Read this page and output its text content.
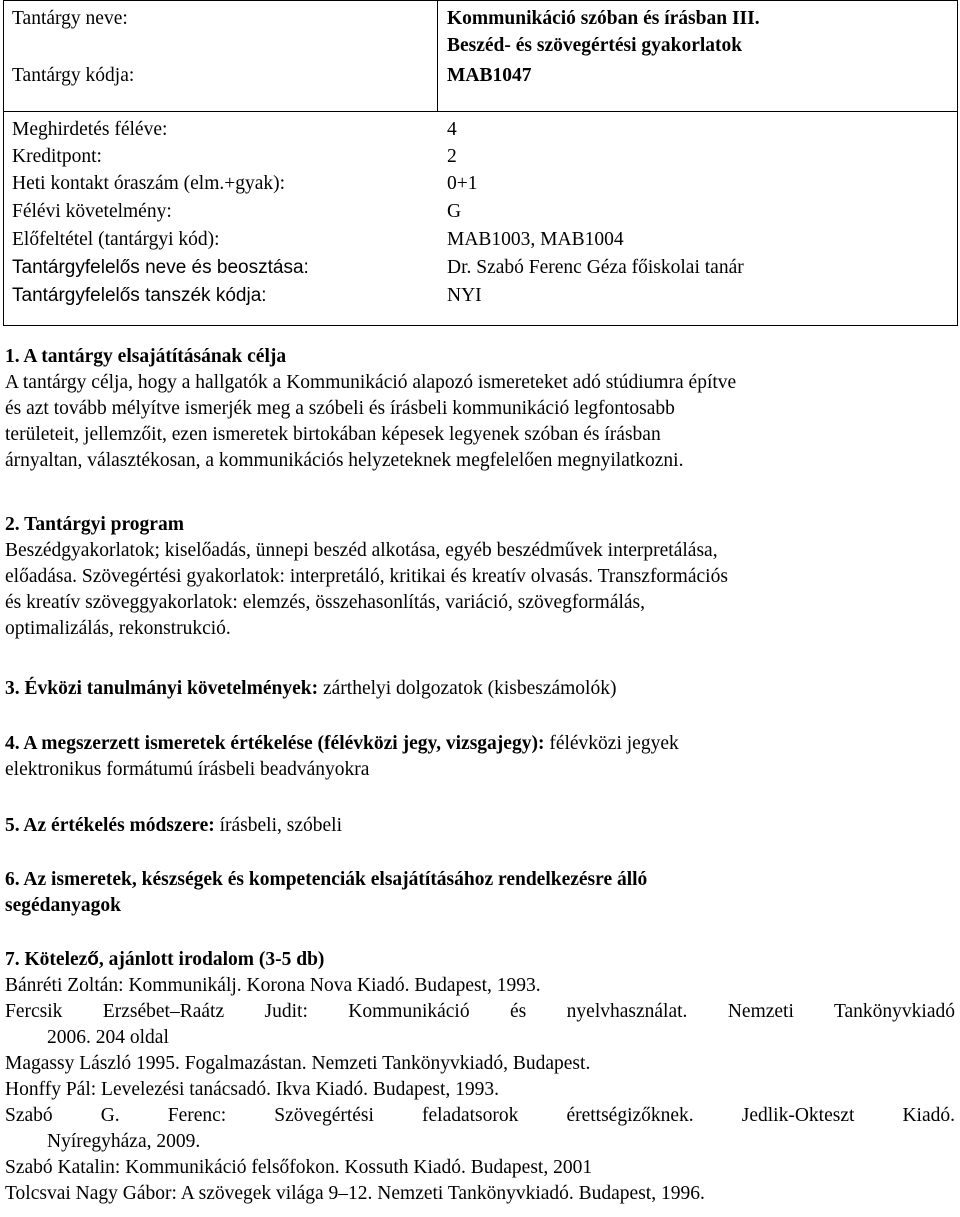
Tantárgy neve:	Kommunikáció szóban és írásban III.
Beszéd- és szövegértési gyakorlatok
Tantárgy kódja:	MAB1047
Meghirdetés féléve:	4
Kreditpont:	2
Heti kontakt óraszám (elm.+gyak):	0+1
Félévi követelmény:	G
Előfeltétel (tantárgyi kód):	MAB1003, MAB1004
Tantárgyfelelős neve és beosztása:	Dr. Szabó Ferenc Géza főiskolai tanár
Tantárgyfelelős tanszék kódja:	NYI

1. A tantárgy elsajátításának célja

A tantárgy célja, hogy a hallgatók a Kommunikáció alapozó ismereteket adó stúdiumra építve

és azt tovább mélyítve ismerjék meg a szóbeli és írásbeli kommunikáció legfontosabb

területeit, jellemzőit, ezen ismeretek birtokában képesek legyenek szóban és írásban

árnyaltan, választékosan, a kommunikációs helyzeteknek megfelelően megnyilatkozni.

2. Tantárgyi program

Beszédgyakorlatok; kiselőadás, ünnepi beszéd alkotása, egyéb beszédművek interpretálása,

előadása. Szövegértési gyakorlatok: interpretáló, kritikai és kreatív olvasás. Transzformációs

és kreatív szöveggyakorlatok: elemzés, összehasonlítás, variáció, szövegformálás,

optimalizálás, rekonstrukció.

3. Évközi tanulmányi követelmények: zárthelyi dolgozatok (kisbeszámolók)

4. A megszerzett ismeretek értékelése (félévközi jegy, vizsgajegy): félévközi jegyek

elektronikus formátumú írásbeli beadványokra

5. Az értékelés módszere: írásbeli, szóbeli

6. Az ismeretek, készségek és kompetenciák elsajátításához rendelkezésre álló

segédanyagok

7. Kötelező, ajánlott irodalom (3-5 db)

Bánréti Zoltán: Kommunikálj. Korona Nova Kiadó. Budapest, 1993.

Fercsik Erzsébet–Raátz Judit: Kommunikáció és nyelvhasználat. Nemzeti Tankönyvkiadó
2006. 204 oldal

Magassy László 1995. Fogalmazástan. Nemzeti Tankönyvkiadó, Budapest.

Honffy Pál: Levelezési tanácsadó. Ikva Kiadó. Budapest, 1993.

Szabó G. Ferenc: Szövegértési feladatsorok érettségizőknek. Jedlik-Okteszt Kiadó.
Nyíregyháza, 2009.

Szabó Katalin: Kommunikáció felsőfokon. Kossuth Kiadó. Budapest, 2001

Tolcsvai Nagy Gábor: A szövegek világa 9–12. Nemzeti Tankönyvkiadó. Budapest, 1996.
